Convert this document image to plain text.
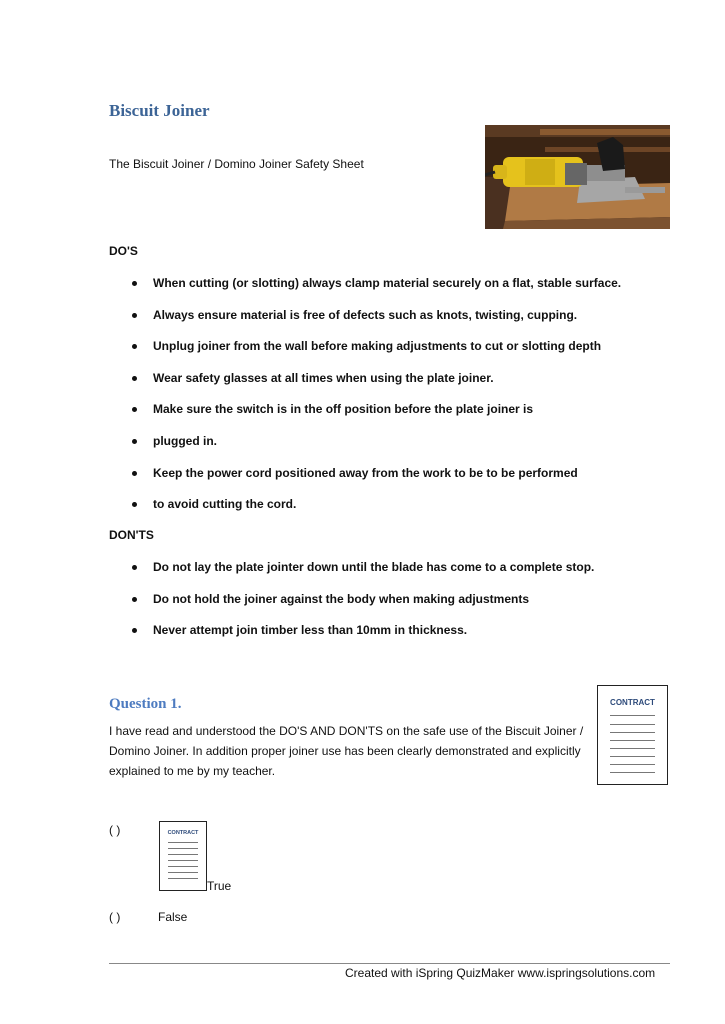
Biscuit Joiner
The Biscuit Joiner / Domino Joiner Safety Sheet
DO'S
When cutting (or slotting) always clamp material securely on a flat, stable surface.
Always ensure material is free of defects such as knots, twisting, cupping.
Unplug joiner from the wall before making adjustments to cut or slotting depth
Wear safety glasses at all times when using the plate joiner.
Make sure the switch is in the off position before the plate joiner is
plugged in.
Keep the power cord positioned away from the work to be to be performed
to avoid cutting the cord.
DON'TS
Do not lay the plate jointer down until the blade has come to a complete stop.
Do not hold the joiner against the body when making adjustments
Never attempt join timber less than 10mm in thickness.
Question 1.
I have read and understood the DO'S AND DON'TS on the safe use of the Biscuit Joiner / Domino Joiner. In addition proper joiner use has been clearly demonstrated and explicitly explained to me by my teacher.
CONTRACT
( )	CONTRACT
True
( )	False
Created with iSpring QuizMaker www.ispringsolutions.com
